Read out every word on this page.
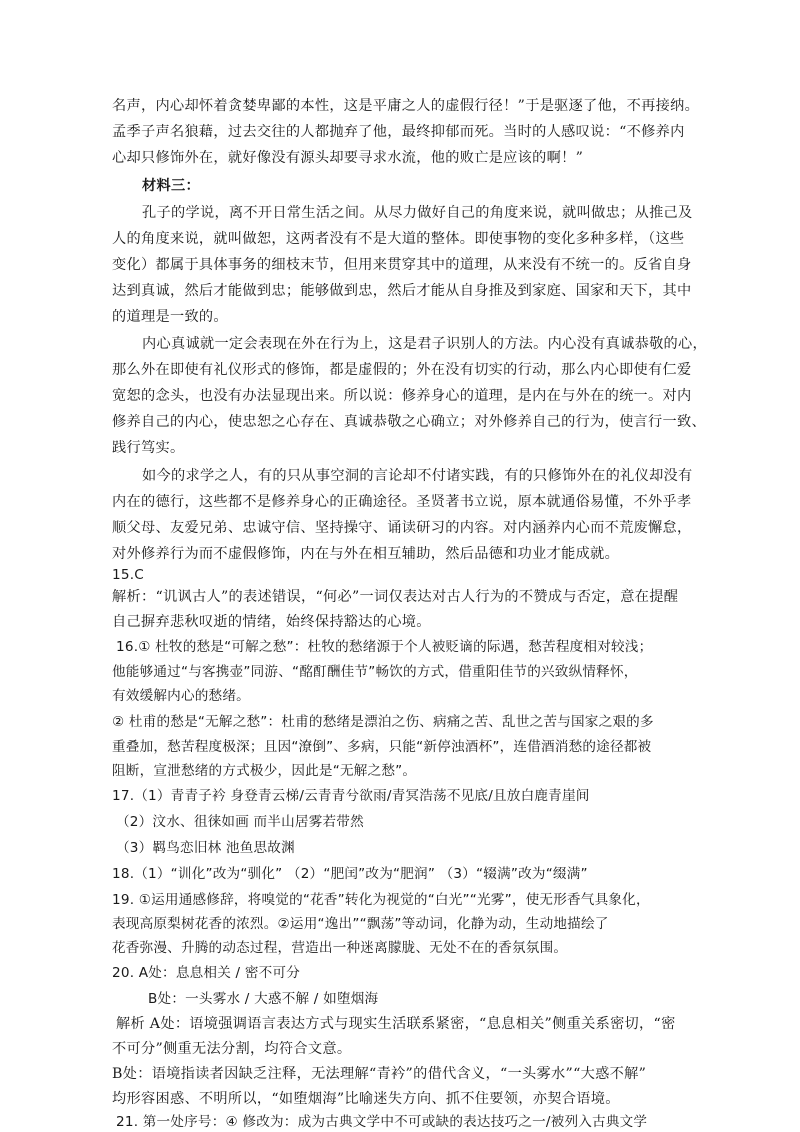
名声，内心却怀着贪婪卑鄙的本性，这是平庸之人的虚假行径！”于是驱逐了他，不再接纳。
孟季子声名狼藉，过去交往的人都抛弃了他，最终抑郁而死。当时的人感叹说：“不修养内
心却只修饰外在，就好像没有源头却要寻求水流，他的败亡是应该的啊！”
材料三：
孔子的学说，离不开日常生活之间。从尽力做好自己的角度来说，就叫做忠；从推己及
人的角度来说，就叫做恕，这两者没有不是大道的整体。即使事物的变化多种多样，（这些
变化）都属于具体事务的细枝末节，但用来贯穿其中的道理，从来没有不统一的。反省自身
达到真诚，然后才能做到忠；能够做到忠，然后才能从自身推及到家庭、国家和天下，其中
的道理是一致的。
内心真诚就一定会表现在外在行为上，这是君子识别人的方法。内心没有真诚恭敬的心，
那么外在即使有礼仪形式的修饰，都是虚假的；外在没有切实的行动，那么内心即使有仁爱
宽恕的念头，也没有办法显现出来。所以说：修养身心的道理，是内在与外在的统一。对内
修养自己的内心，使忠恕之心存在、真诚恭敬之心确立；对外修养自己的行为，使言行一致、
践行笃实。
如今的求学之人，有的只从事空洞的言论却不付诸实践，有的只修饰外在的礼仪却没有
内在的德行，这些都不是修养身心的正确途径。圣贤著书立说，原本就通俗易懂，不外乎孝
顺父母、友爱兄弟、忠诚守信、坚持操守、诵读研习的内容。对内涵养内心而不荒废懈怠，
对外修养行为而不虚假修饰，内在与外在相互辅助，然后品德和功业才能成就。
15.C
解析：“讥讽古人”的表述错误，“何必”一词仅表达对古人行为的不赞成与否定，意在提醒
自己摒弃悲秋叹逝的情绪，始终保持豁达的心境。
16.① 杜牧的愁是“可解之愁”：杜牧的愁绪源于个人被贬谪的际遇，愁苦程度相对较浅；
他能够通过“与客携壶”同游、“酩酊酬佳节”畅饮的方式，借重阳佳节的兴致纵情释怀，
有效缓解内心的愁绪。
② 杜甫的愁是“无解之愁”：杜甫的愁绪是漂泊之伤、病痛之苦、乱世之苦与国家之艰的多
重叠加，愁苦程度极深；且因“潦倒”、多病，只能“新停浊酒杯”，连借酒消愁的途径都被
阻断，宣泄愁绪的方式极少，因此是“无解之愁”。
17.（1）青青子衿 身登青云梯/云青青兮欲雨/青冥浩荡不见底/且放白鹿青崖间
（2）汶水、徂徕如画 而半山居雾若带然
（3）羁鸟恋旧林 池鱼思故渊
18.（1）“训化”改为“驯化” （2）“肥闰”改为“肥润” （3）“辍满”改为“缀满”
19. ①运用通感修辞，将嗅觉的“花香”转化为视觉的“白光”“光雾”，使无形香气具象化，
表现高原梨树花香的浓烈。②运用“逸出”“飘荡”等动词，化静为动，生动地描绘了
花香弥漫、升腾的动态过程，营造出一种迷离朦胧、无处不在的香氛氛围。
20. A处：息息相关 / 密不可分
B处：一头雾水 / 大惑不解 / 如堕烟海
解析 A处：语境强调语言表达方式与现实生活联系紧密，“息息相关”侧重关系密切，“密
不可分”侧重无法分割，均符合文意。
B处：语境指读者因缺乏注释，无法理解“青衿”的借代含义，“一头雾水”“大惑不解”
均形容困惑、不明所以，“如堕烟海”比喻迷失方向、抓不住要领，亦契合语境。
21. 第一处序号：④ 修改为：成为古典文学中不可或缺的表达技巧之一/被列入古典文学
